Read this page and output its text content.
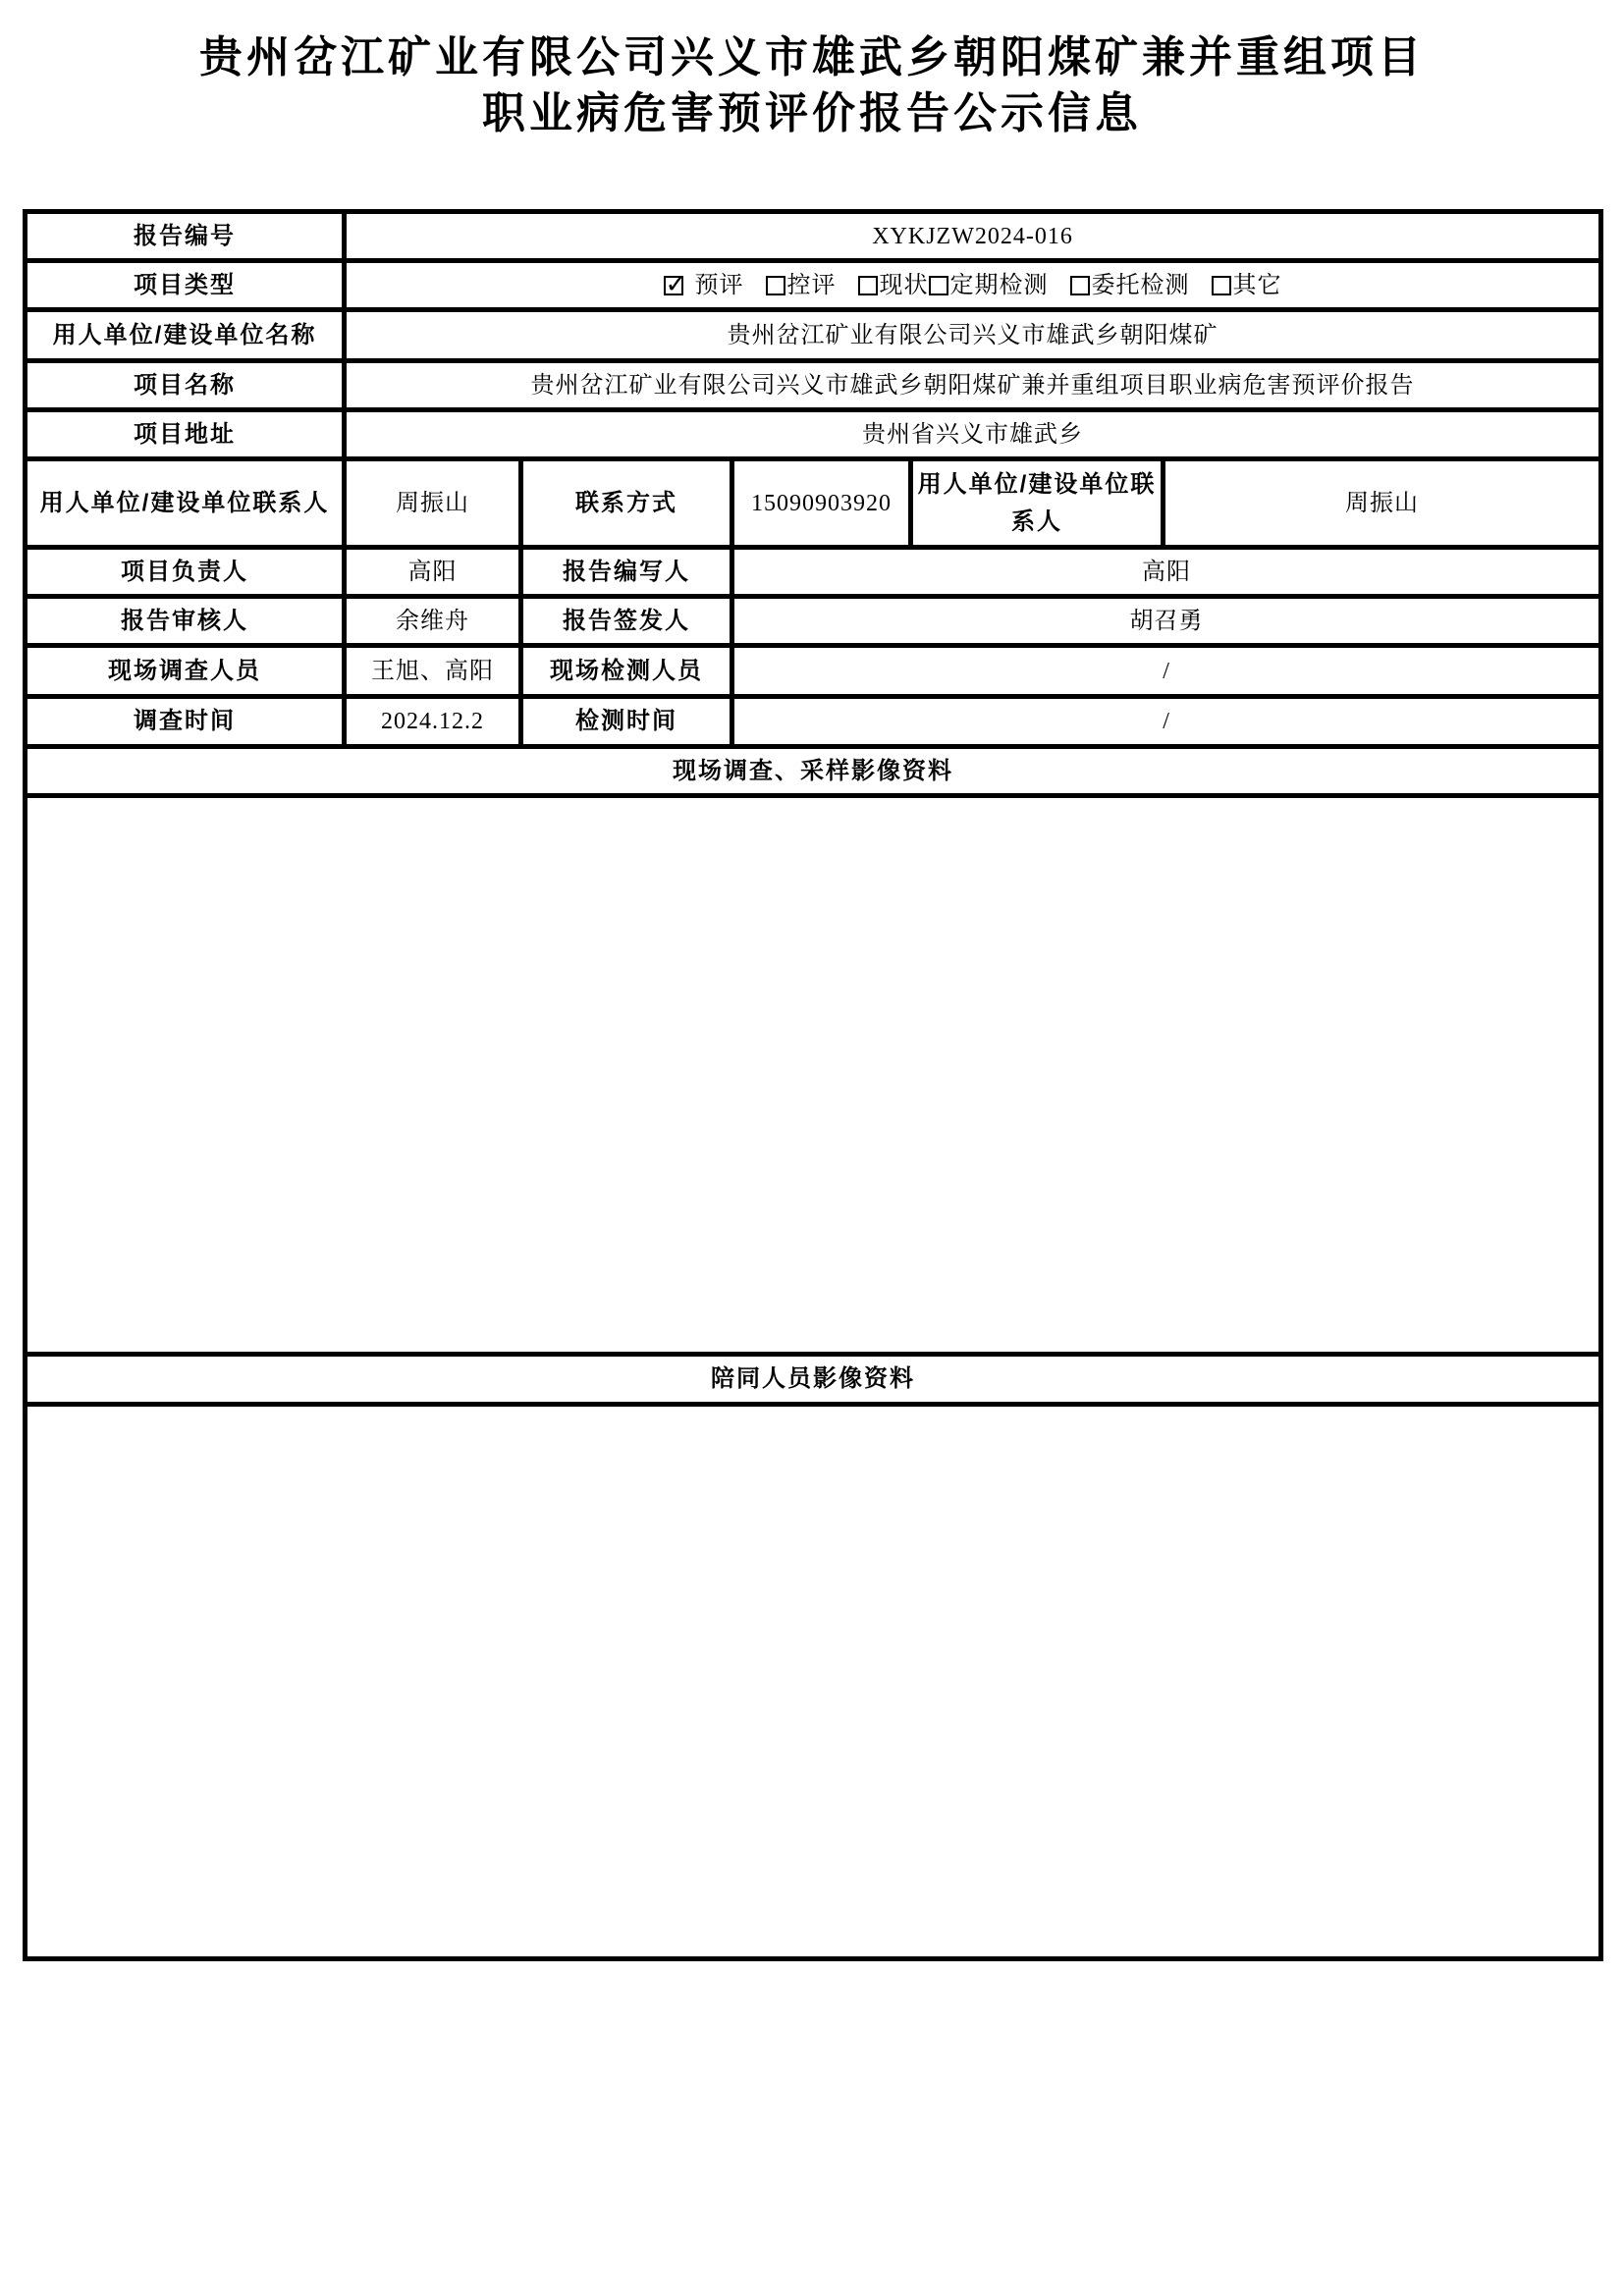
贵州岔江矿业有限公司兴义市雄武乡朝阳煤矿兼并重组项目
职业病危害预评价报告公示信息
报告编号	XYKJZW2024-016				
项目类型	✓预评 控评 现状 定期检测 委托检测 其它
用人单位/建设单位名称	贵州岔江矿业有限公司兴义市雄武乡朝阳煤矿				
项目名称	贵州岔江矿业有限公司兴义市雄武乡朝阳煤矿兼并重组项目职业病危害预评价报告				
项目地址	贵州省兴义市雄武乡				
用人单位/建设单位联系人	周振山	联系方式	15090903920	用人单位/建设单位联系人	周振山
项目负责人	高阳	报告编写人	高阳		
报告审核人	余维舟	报告签发人	胡召勇		
现场调查人员	王旭、高阳	现场检测人员	/		
调查时间	2024.12.2	检测时间	/		
现场调查、采样影像资料					

陪同人员影像资料					
